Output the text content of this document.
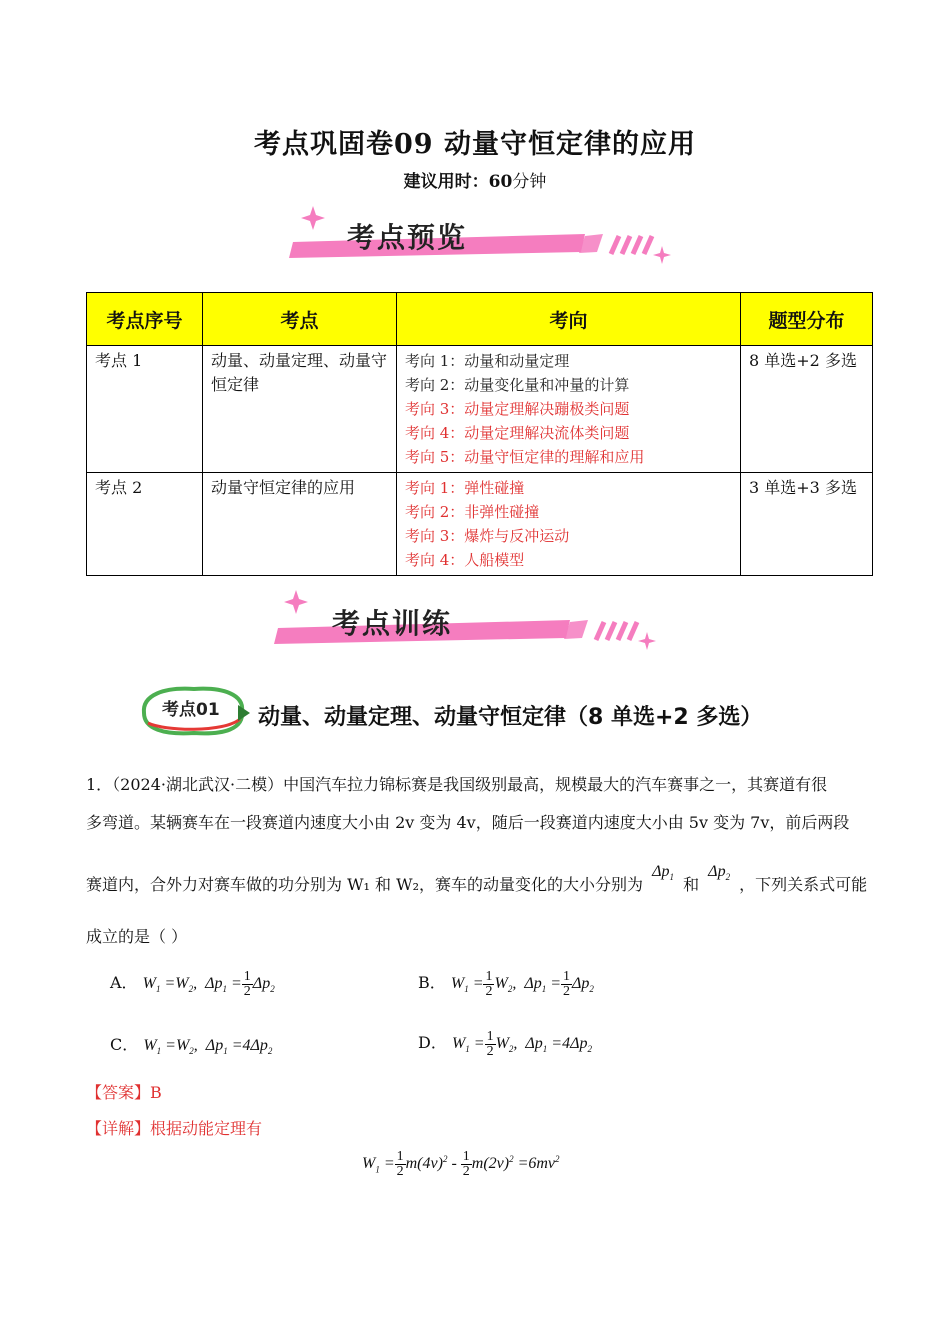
考点巩固卷09 动量守恒定律的应用
建议用时：60分钟
考点预览
考点序号	考点	考向	题型分布
考点 1	动量、动量定理、动量守恒定律	考向 1：动量和动量定理
考向 2：动量变化量和冲量的计算
考向 3：动量定理解决蹦极类问题
考向 4：动量定理解决流体类问题
考向 5：动量守恒定律的理解和应用	8 单选+2 多选
考点 2	动量守恒定律的应用	考向 1：弹性碰撞
考向 2：非弹性碰撞
考向 3：爆炸与反冲运动
考向 4：人船模型	3 单选+3 多选
考点训练
考点01 动量、动量定理、动量守恒定律（8 单选+2 多选）
1．（2024·湖北武汉·二模）中国汽车拉力锦标赛是我国级别最高，规模最大的汽车赛事之一，其赛道有很
多弯道。某辆赛车在一段赛道内速度大小由 2v 变为 4v，随后一段赛道内速度大小由 5v 变为 7v，前后两段
赛道内，合外力对赛车做的功分别为 W₁ 和 W₂，赛车的动量变化的大小分别为 $\Delta p_1$ 和 $\Delta p_2$ ，下列关系式可能
成立的是（ ）
A． $W_1 =W_2$,  $\Delta p_1 = \frac{1}{2} \Delta p_2$	B． $W_1 = \frac{1}{2} W_2$,  $\Delta p_1 = \frac{1}{2} \Delta p_2$
C． $W_1 =W_2$,  $\Delta p_1 =4\Delta p_2$	D． $W_1 = \frac{1}{2} W_2$,  $\Delta p_1 =4\Delta p_2$
【答案】B
【详解】根据动能定理有
$W_1 = \frac{1}{2} m(4v)^2 - \frac{1}{2} m(2v)^2 =6mv^2$
